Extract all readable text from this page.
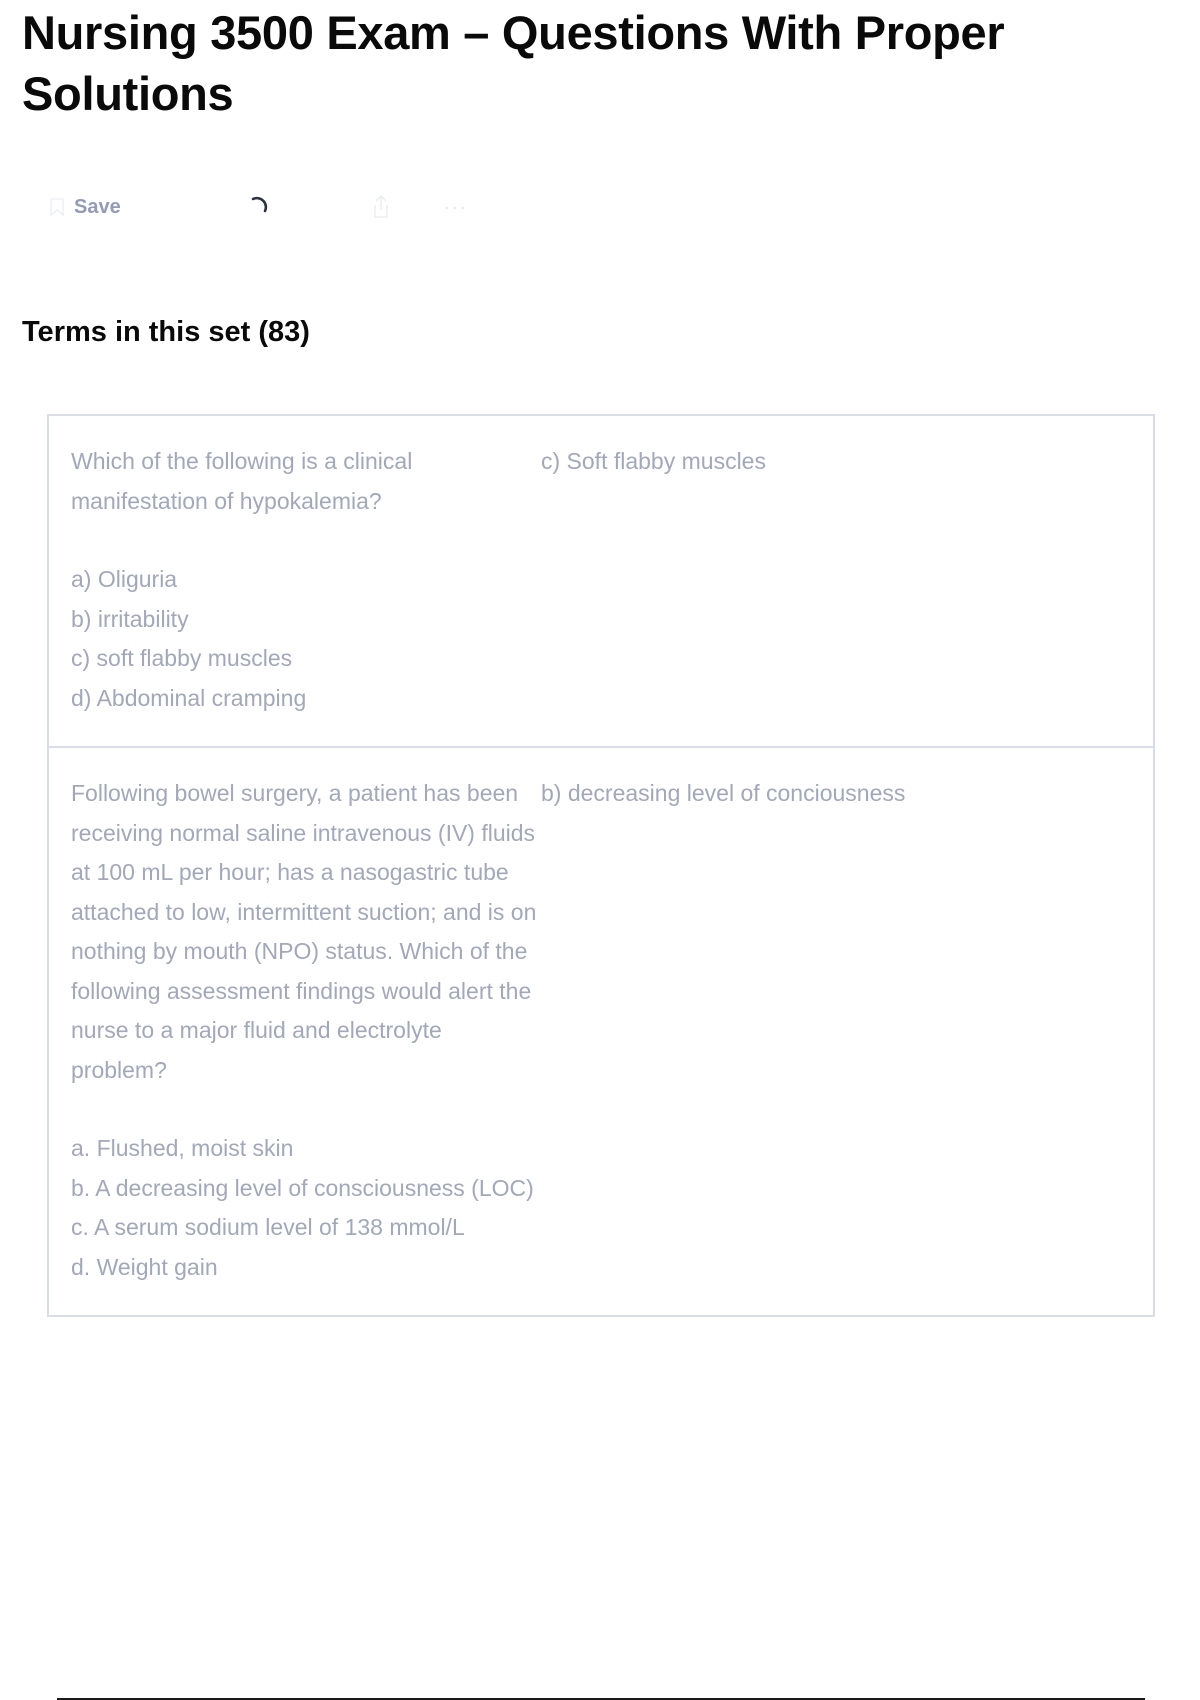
Nursing 3500 Exam – Questions With Proper Solutions
Save	···
Terms in this set (83)
Which of the following is a clinical manifestation of hypokalemia?
a) Oliguria
b) irritability
c) soft flabby muscles
d) Abdominal cramping
c) Soft flabby muscles
Following bowel surgery, a patient has been receiving normal saline intravenous (IV) fluids at 100 mL per hour; has a nasogastric tube attached to low, intermittent suction; and is on nothing by mouth (NPO) status. Which of the following assessment findings would alert the nurse to a major fluid and electrolyte problem?
a. Flushed, moist skin
b. A decreasing level of consciousness (LOC)
c. A serum sodium level of 138 mmol/L
d. Weight gain
b) decreasing level of conciousness
